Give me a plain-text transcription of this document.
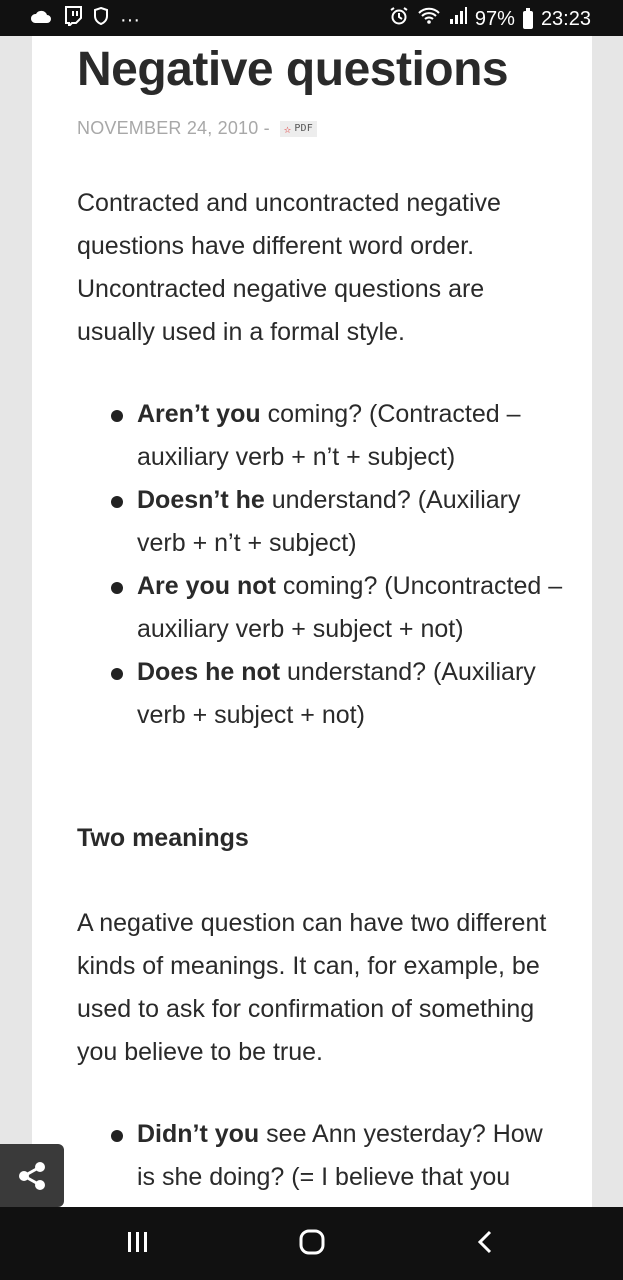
···	97% 23:23
Negative questions
NOVEMBER 24, 2010 - ☆ PDF

Contracted and uncontracted negative questions have different word order. Uncontracted negative questions are usually used in a formal style.

Aren’t you coming? (Contracted – auxiliary verb + n’t + subject)
Doesn’t he understand? (Auxiliary verb + n’t + subject)
Are you not coming? (Uncontracted – auxiliary verb + subject + not)
Does he not understand? (Auxiliary verb + subject + not)
Two meanings

A negative question can have two different kinds of meanings. It can, for example, be used to ask for confirmation of something you believe to be true.

Didn’t you see Ann yesterday? How is she doing? (= I believe that you
